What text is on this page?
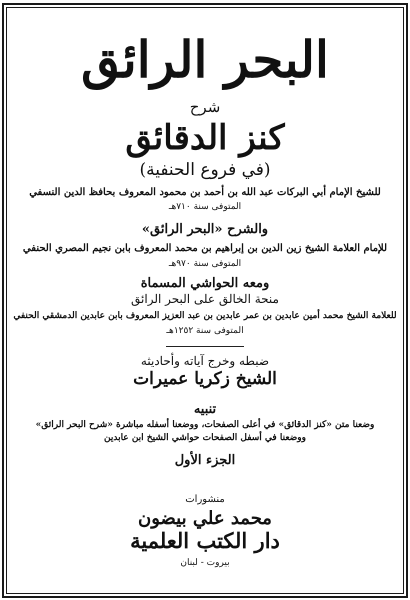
البحر الرائق
شرح
كنز الدقائق
(في فروع الحنفية)
للشيخ الإمام أبي البركات عبد الله بن أحمد بن محمود المعروف بحافظ الدين النسفي
المتوفى سنة ٧١٠هـ
والشرح «البحر الرائق»
للإمام العلامة الشيخ زين الدين بن إبراهيم بن محمد المعروف بابن نجيم المصري الحنفي
المتوفى سنة ٩٧٠هـ
ومعه الحواشي المسماة
منحة الخالق على البحر الرائق
للعلامة الشيخ محمد أمين عابدين بن عمر عابدين بن عبد العزيز المعروف بابن عابدين الدمشقي الحنفي
المتوفى سنة ١٢٥٢هـ
ضبطه وخرج آياته وأحاديثه
الشيخ زكريا عميرات
تنبيه
وضعنا متن «كنز الدقائق» في أعلى الصفحات، ووضعنا أسفله مباشرة «شرح البحر الرائق»
ووضعنا في أسفل الصفحات حواشي الشيخ ابن عابدين
الجزء الأول
منشورات
محمد علي بيضون
دار الكتب العلمية
بيروت - لبنان
